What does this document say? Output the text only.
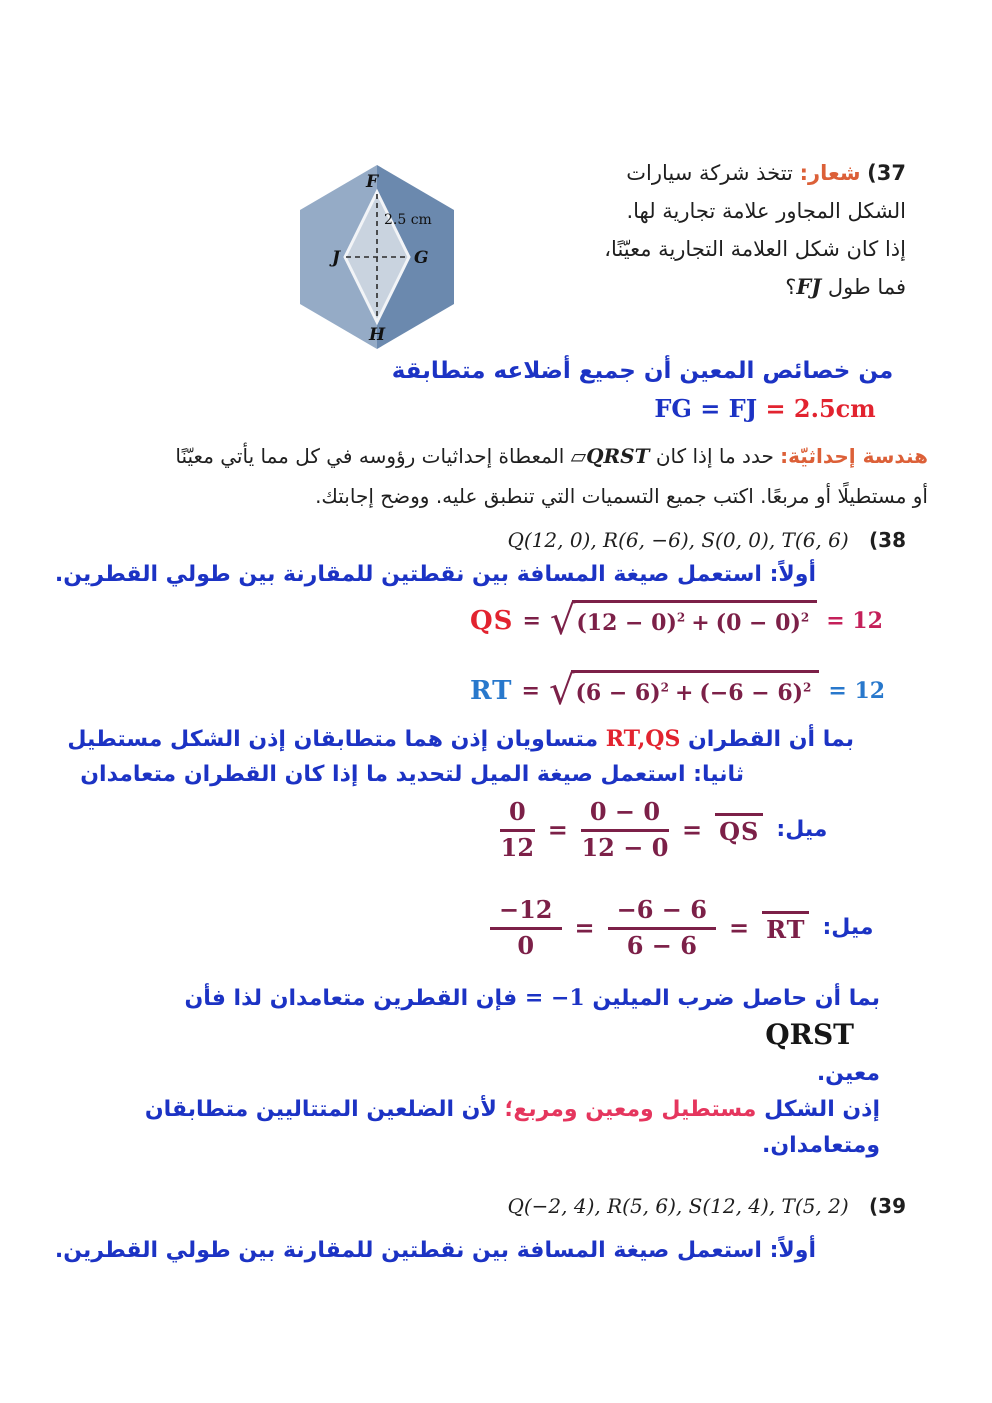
(37 شعار: تتخذ شركة سيارات
الشكل المجاور علامة تجارية لها.
إذا كان شكل العلامة التجارية معيّنًا،
فما طول FJ؟
F
G
J
H
2.5 cm
من خصائص المعين أن جميع أضلاعه متطابقة
FG = FJ = 2.5cm
هندسة إحداثيّة: حدد ما إذا كان ▱QRST المعطاة إحداثيات رؤوسه في كل مما يأتي معيّنًا
أو مستطيلًا أو مربعًا. اكتب جميع التسميات التي تنطبق عليه. ووضح إجابتك.
(38 Q(12, 0), R(6, −6), S(0, 0), T(6, 6)
أولاً: استعمل صيغة المسافة بين نقطتين للمقارنة بين طولي القطرين.
QS = √ $(12 - 0)^2 + (0 - 0)^2 = 12$
RT = √ $(6 - 6)^2 + (-6 - 6)^2 = 12$
بما أن القطران RT,QS متساويان إذن هما متطابقان إذن الشكل مستطيل
ثانيا: استعمل صيغة الميل لتحديد ما إذا كان القطران متعامدان
ميل:
QS
=
$\frac{0 - 0}{12 - 0}$
=
$\frac{0}{12}$
ميل:
RT
=
$\frac{-6 - 6}{6 - 6}$
=
$\frac{-12}{0}$
بما أن حاصل ضرب الميلين = −1 فإن القطرين متعامدان لذا فأن QRST
معين.
إذن الشكل مستطيل ومعين ومربع؛ لأن الضلعين المتتاليين متطابقان
ومتعامدان.
(39 Q(−2, 4), R(5, 6), S(12, 4), T(5, 2)
أولاً: استعمل صيغة المسافة بين نقطتين للمقارنة بين طولي القطرين.
